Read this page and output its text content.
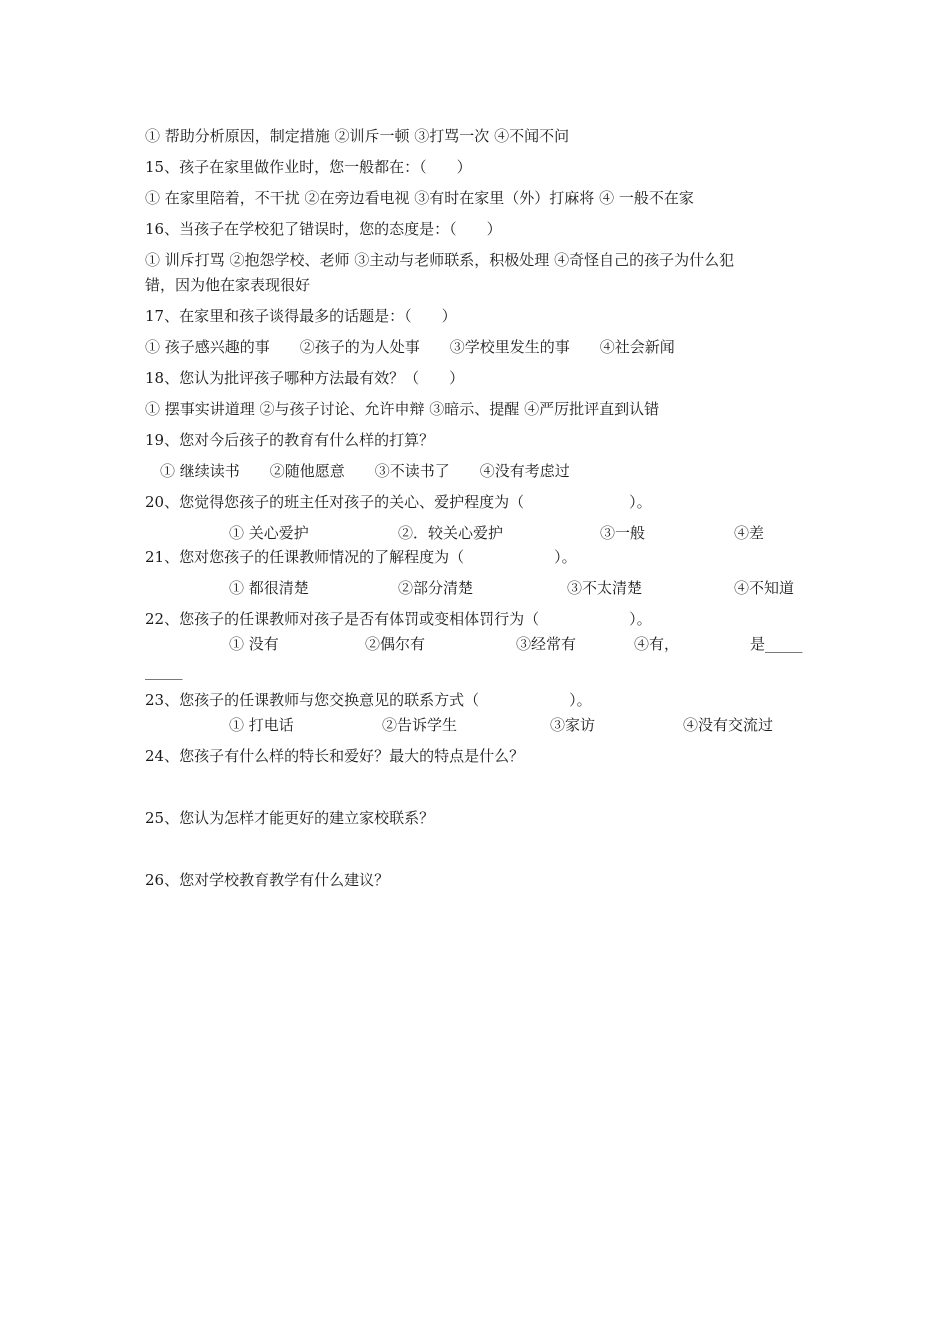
① 帮助分析原因，制定措施 ②训斥一顿 ③打骂一次 ④不闻不问
15、孩子在家里做作业时，您一般都在：（　　）
① 在家里陪着，不干扰 ②在旁边看电视 ③有时在家里（外）打麻将 ④ 一般不在家
16、当孩子在学校犯了错误时，您的态度是：（　　）
① 训斥打骂 ②抱怨学校、老师 ③主动与老师联系，积极处理 ④奇怪自己的孩子为什么犯
错，因为他在家表现很好
17、在家里和孩子谈得最多的话题是：（　　）
① 孩子感兴趣的事　　②孩子的为人处事　　③学校里发生的事　　④社会新闻
18、您认为批评孩子哪种方法最有效？（　　）
① 摆事实讲道理 ②与孩子讨论、允许申辩 ③暗示、提醒 ④严厉批评直到认错
19、您对今后孩子的教育有什么样的打算？
① 继续读书　　②随他愿意　　③不读书了　　④没有考虑过
20、您觉得您孩子的班主任对孩子的关心、爱护程度为（　　　　　　　）。
① 关心爱护	②．较关心爱护	③一般	④差
21、您对您孩子的任课教师情况的了解程度为（　　　　　　）。
① 都很清楚	②部分清楚	③不太清楚	④不知道
22、您孩子的任课教师对孩子是否有体罚或变相体罚行为（　　　　　　）。
① 没有	②偶尔有	③经常有	④有，	是_____
_____
23、您孩子的任课教师与您交换意见的联系方式（　　　　　　）。
① 打电话	②告诉学生	③家访	④没有交流过
24、您孩子有什么样的特长和爱好？最大的特点是什么？
25、您认为怎样才能更好的建立家校联系？
26、您对学校教育教学有什么建议？
